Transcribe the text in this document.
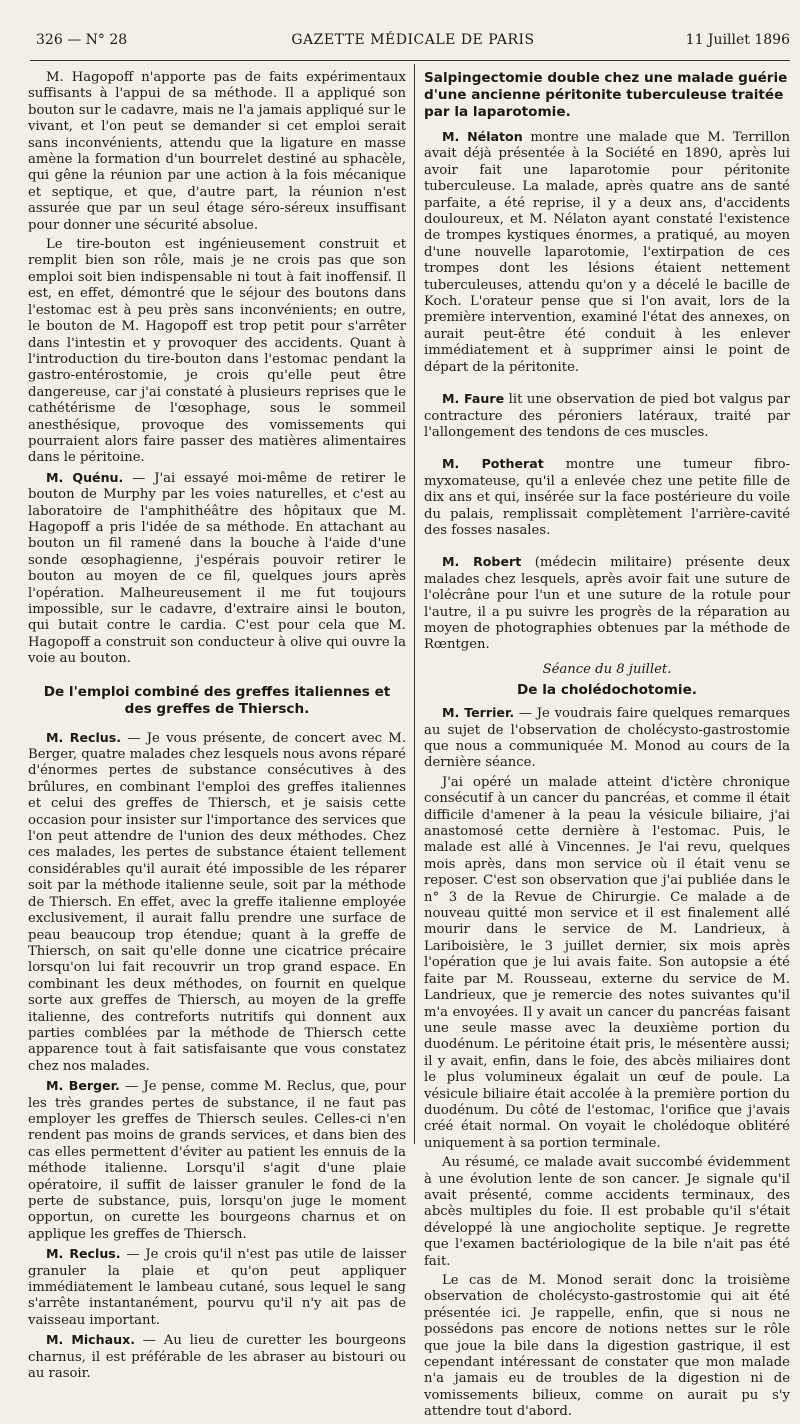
326 — N° 28	GAZETTE MÉDICALE DE PARIS	11 Juillet 1896

M. Hagopoff n'apporte pas de faits expérimentaux suffisants à l'appui de sa méthode. Il a appliqué son bouton sur le cadavre, mais ne l'a jamais appliqué sur le vivant, et l'on peut se demander si cet emploi serait sans inconvénients, attendu que la ligature en masse amène la formation d'un bourrelet destiné au sphacèle, qui gêne la réunion par une action à la fois mécanique et septique, et que, d'autre part, la réunion n'est assurée que par un seul étage séro-séreux insuffisant pour donner une sécurité absolue.

Le tire-bouton est ingénieusement construit et remplit bien son rôle, mais je ne crois pas que son emploi soit bien indispensable ni tout à fait inoffensif. Il est, en effet, démontré que le séjour des boutons dans l'estomac est à peu près sans inconvénients; en outre, le bouton de M. Hagopoff est trop petit pour s'arrêter dans l'intestin et y provoquer des accidents. Quant à l'introduction du tire-bouton dans l'estomac pendant la gastro-entérostomie, je crois qu'elle peut être dangereuse, car j'ai constaté à plusieurs reprises que le cathétérisme de l'œsophage, sous le sommeil anesthésique, provoque des vomissements qui pourraient alors faire passer des matières alimentaires dans le péritoine.

M. Quénu. — J'ai essayé moi-même de retirer le bouton de Murphy par les voies naturelles, et c'est au laboratoire de l'amphithéâtre des hôpitaux que M. Hagopoff a pris l'idée de sa méthode. En attachant au bouton un fil ramené dans la bouche à l'aide d'une sonde œsophagienne, j'espérais pouvoir retirer le bouton au moyen de ce fil, quelques jours après l'opération. Malheureusement il me fut toujours impossible, sur le cadavre, d'extraire ainsi le bouton, qui butait contre le cardia. C'est pour cela que M. Hagopoff a construit son conducteur à olive qui ouvre la voie au bouton.

De l'emploi combiné des greffes italiennes et des greffes de Thiersch.

M. Reclus. — Je vous présente, de concert avec M. Berger, quatre malades chez lesquels nous avons réparé d'énormes pertes de substance consécutives à des brûlures, en combinant l'emploi des greffes italiennes et celui des greffes de Thiersch, et je saisis cette occasion pour insister sur l'importance des services que l'on peut attendre de l'union des deux méthodes. Chez ces malades, les pertes de substance étaient tellement considérables qu'il aurait été impossible de les réparer soit par la méthode italienne seule, soit par la méthode de Thiersch. En effet, avec la greffe italienne employée exclusivement, il aurait fallu prendre une surface de peau beaucoup trop étendue; quant à la greffe de Thiersch, on sait qu'elle donne une cicatrice précaire lorsqu'on lui fait recouvrir un trop grand espace. En combinant les deux méthodes, on fournit en quelque sorte aux greffes de Thiersch, au moyen de la greffe italienne, des contreforts nutritifs qui donnent aux parties comblées par la méthode de Thiersch cette apparence tout à fait satisfaisante que vous constatez chez nos malades.

M. Berger. — Je pense, comme M. Reclus, que, pour les très grandes pertes de substance, il ne faut pas employer les greffes de Thiersch seules. Celles-ci n'en rendent pas moins de grands services, et dans bien des cas elles permettent d'éviter au patient les ennuis de la méthode italienne. Lorsqu'il s'agit d'une plaie opératoire, il suffit de laisser granuler le fond de la perte de substance, puis, lorsqu'on juge le moment opportun, on curette les bourgeons charnus et on applique les greffes de Thiersch.

M. Reclus. — Je crois qu'il n'est pas utile de laisser granuler la plaie et qu'on peut appliquer immédiatement le lambeau cutané, sous lequel le sang s'arrête instantanément, pourvu qu'il n'y ait pas de vaisseau important.

M. Michaux. — Au lieu de curetter les bourgeons charnus, il est préférable de les abraser au bistouri ou au rasoir.

Salpingectomie double chez une malade guérie d'une ancienne péritonite tuberculeuse traitée par la laparotomie.

M. Nélaton montre une malade que M. Terrillon avait déjà présentée à la Société en 1890, après lui avoir fait une laparotomie pour péritonite tuberculeuse. La malade, après quatre ans de santé parfaite, a été reprise, il y a deux ans, d'accidents douloureux, et M. Nélaton ayant constaté l'existence de trompes kystiques énormes, a pratiqué, au moyen d'une nouvelle laparotomie, l'extirpation de ces trompes dont les lésions étaient nettement tuberculeuses, attendu qu'on y a décelé le bacille de Koch. L'orateur pense que si l'on avait, lors de la première intervention, examiné l'état des annexes, on aurait peut-être été conduit à les enlever immédiatement et à supprimer ainsi le point de départ de la péritonite.

M. Faure lit une observation de pied bot valgus par contracture des péroniers latéraux, traité par l'allongement des tendons de ces muscles.

M. Potherat montre une tumeur fibro-myxomateuse, qu'il a enlevée chez une petite fille de dix ans et qui, insérée sur la face postérieure du voile du palais, remplissait complètement l'arrière-cavité des fosses nasales.

M. Robert (médecin militaire) présente deux malades chez lesquels, après avoir fait une suture de l'olécrâne pour l'un et une suture de la rotule pour l'autre, il a pu suivre les progrès de la réparation au moyen de photographies obtenues par la méthode de Rœntgen.

Séance du 8 juillet.
De la cholédochotomie.

M. Terrier. — Je voudrais faire quelques remarques au sujet de l'observation de cholécysto-gastrostomie que nous a communiquée M. Monod au cours de la dernière séance.

J'ai opéré un malade atteint d'ictère chronique consécutif à un cancer du pancréas, et comme il était difficile d'amener à la peau la vésicule biliaire, j'ai anastomosé cette dernière à l'estomac. Puis, le malade est allé à Vincennes. Je l'ai revu, quelques mois après, dans mon service où il était venu se reposer. C'est son observation que j'ai publiée dans le n° 3 de la Revue de Chirurgie. Ce malade a de nouveau quitté mon service et il est finalement allé mourir dans le service de M. Landrieux, à Lariboisière, le 3 juillet dernier, six mois après l'opération que je lui avais faite. Son autopsie a été faite par M. Rousseau, externe du service de M. Landrieux, que je remercie des notes suivantes qu'il m'a envoyées. Il y avait un cancer du pancréas faisant une seule masse avec la deuxième portion du duodénum. Le péritoine était pris, le mésentère aussi; il y avait, enfin, dans le foie, des abcès miliaires dont le plus volumineux égalait un œuf de poule. La vésicule biliaire était accolée à la première portion du duodénum. Du côté de l'estomac, l'orifice que j'avais créé était normal. On voyait le cholédoque oblitéré uniquement à sa portion terminale.

Au résumé, ce malade avait succombé évidemment à une évolution lente de son cancer. Je signale qu'il avait présenté, comme accidents terminaux, des abcès multiples du foie. Il est probable qu'il s'était développé là une angiocholite septique. Je regrette que l'examen bactériologique de la bile n'ait pas été fait.

Le cas de M. Monod serait donc la troisième observation de cholécysto-gastrostomie qui ait été présentée ici. Je rappelle, enfin, que si nous ne possédons pas encore de notions nettes sur le rôle que joue la bile dans la digestion gastrique, il est cependant intéressant de constater que mon malade n'a jamais eu de troubles de la digestion ni de vomissements bilieux, comme on aurait pu s'y attendre tout d'abord.
